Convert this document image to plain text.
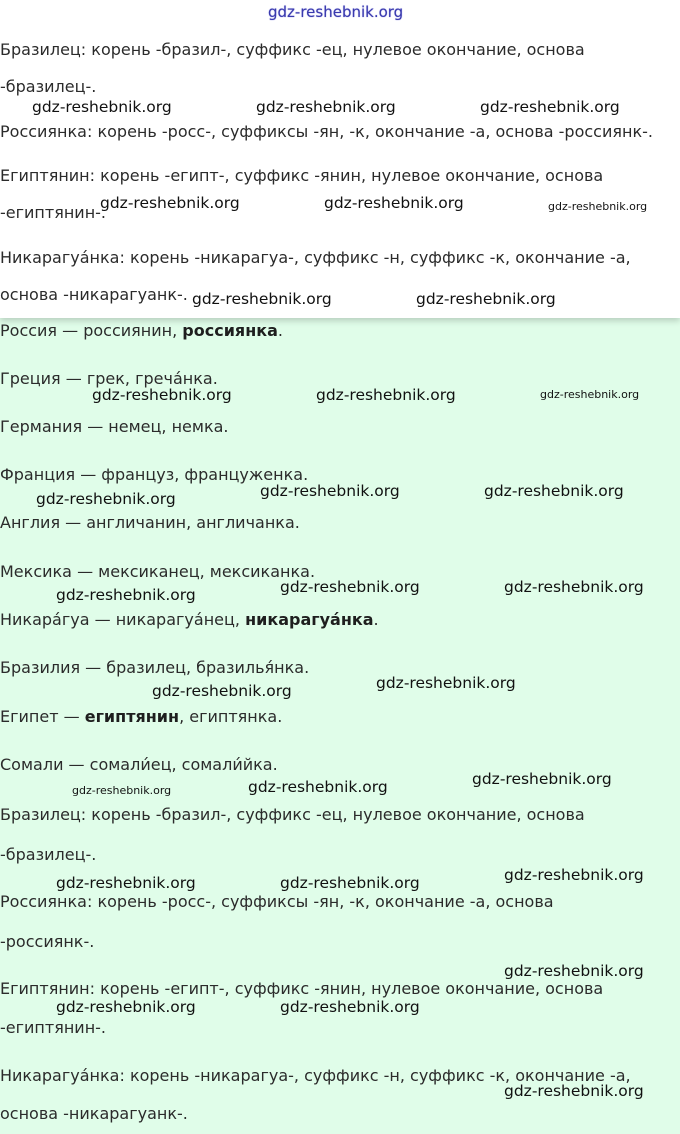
Бразилец: корень -бразил-, суффикс -ец, нулевое окончание, основа
-бразилец-.
Россиянка: корень -росс-, суффиксы -ян, -к, окончание -а, основа -россиянк-.
Египтянин: корень -египт-, суффикс -янин, нулевое окончание, основа
-египтянин-.
Никарагуа́нка: корень -никарагуа-, суффикс -н, суффикс -к, окончание -а,
основа -никарагуанк-.
Россия — россиянин, россиянка.
Греция — грек, греча́нка.
Германия — немец, немка.
Франция — француз, француженка.
Англия — англичанин, англичанка.
Мексика — мексиканец, мексиканка.
Никара́гуа — никарагуа́нец, никарагуа́нка.
Бразилия — бразилец, бразилья́нка.
Египет — египтянин, египтянка.
Сомали — сомали́ец, сомали́йка.
Бразилец: корень -бразил-, суффикс -ец, нулевое окончание, основа
-бразилец-.
Россиянка: корень -росс-, суффиксы -ян, -к, окончание -а, основа
-россиянк-.
Египтянин: корень -египт-, суффикс -янин, нулевое окончание, основа
-египтянин-.
Никарагуа́нка: корень -никарагуа-, суффикс -н, суффикс -к, окончание -а,
основа -никарагуанк-.
gdz-reshebnik.org
gdz-reshebnik.org	gdz-reshebnik.org	gdz-reshebnik.org
gdz-reshebnik.org	gdz-reshebnik.org	gdz-reshebnik.org
gdz-reshebnik.org	gdz-reshebnik.org
gdz-reshebnik.org	gdz-reshebnik.org	gdz-reshebnik.org
gdz-reshebnik.org	gdz-reshebnik.org	gdz-reshebnik.org
gdz-reshebnik.org	gdz-reshebnik.org	gdz-reshebnik.org
gdz-reshebnik.org	gdz-reshebnik.org
gdz-reshebnik.org	gdz-reshebnik.org	gdz-reshebnik.org
gdz-reshebnik.org	gdz-reshebnik.org	gdz-reshebnik.org
gdz-reshebnik.org
gdz-reshebnik.org	gdz-reshebnik.org
gdz-reshebnik.org
